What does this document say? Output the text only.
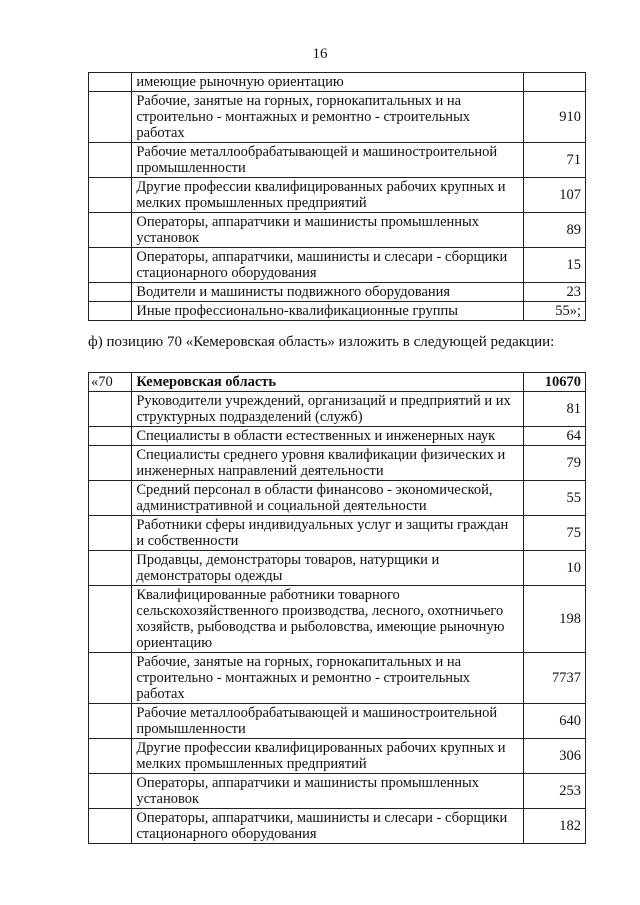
16
	имеющие рыночную ориентацию	
	Рабочие, занятые на горных, горнокапитальных и на строительно - монтажных и ремонтно - строительных работах	910
	Рабочие металлообрабатывающей и машиностроительной промышленности	71
	Другие профессии квалифицированных рабочих крупных и мелких промышленных предприятий	107
	Операторы, аппаратчики и машинисты промышленных установок	89
	Операторы, аппаратчики, машинисты и слесари - сборщики стационарного оборудования	15
	Водители и машинисты подвижного оборудования	23
	Иные профессионально-квалификационные группы	55»;
ф) позицию 70 «Кемеровская область» изложить в следующей редакции:
«70	Кемеровская область	10670
	Руководители учреждений, организаций и предприятий и их структурных подразделений (служб)	81
	Специалисты в области естественных и инженерных наук	64
	Специалисты среднего уровня квалификации физических и инженерных направлений деятельности	79
	Средний персонал в области финансово - экономической, административной и социальной деятельности	55
	Работники сферы индивидуальных услуг и защиты граждан и собственности	75
	Продавцы, демонстраторы товаров, натурщики и демонстраторы одежды	10
	Квалифицированные работники товарного сельскохозяйственного производства, лесного, охотничьего хозяйств, рыбоводства и рыболовства, имеющие рыночную ориентацию	198
	Рабочие, занятые на горных, горнокапитальных и на строительно - монтажных и ремонтно - строительных работах	7737
	Рабочие металлообрабатывающей и машиностроительной промышленности	640
	Другие профессии квалифицированных рабочих крупных и мелких промышленных предприятий	306
	Операторы, аппаратчики и машинисты промышленных установок	253
	Операторы, аппаратчики, машинисты и слесари - сборщики стационарного оборудования	182
